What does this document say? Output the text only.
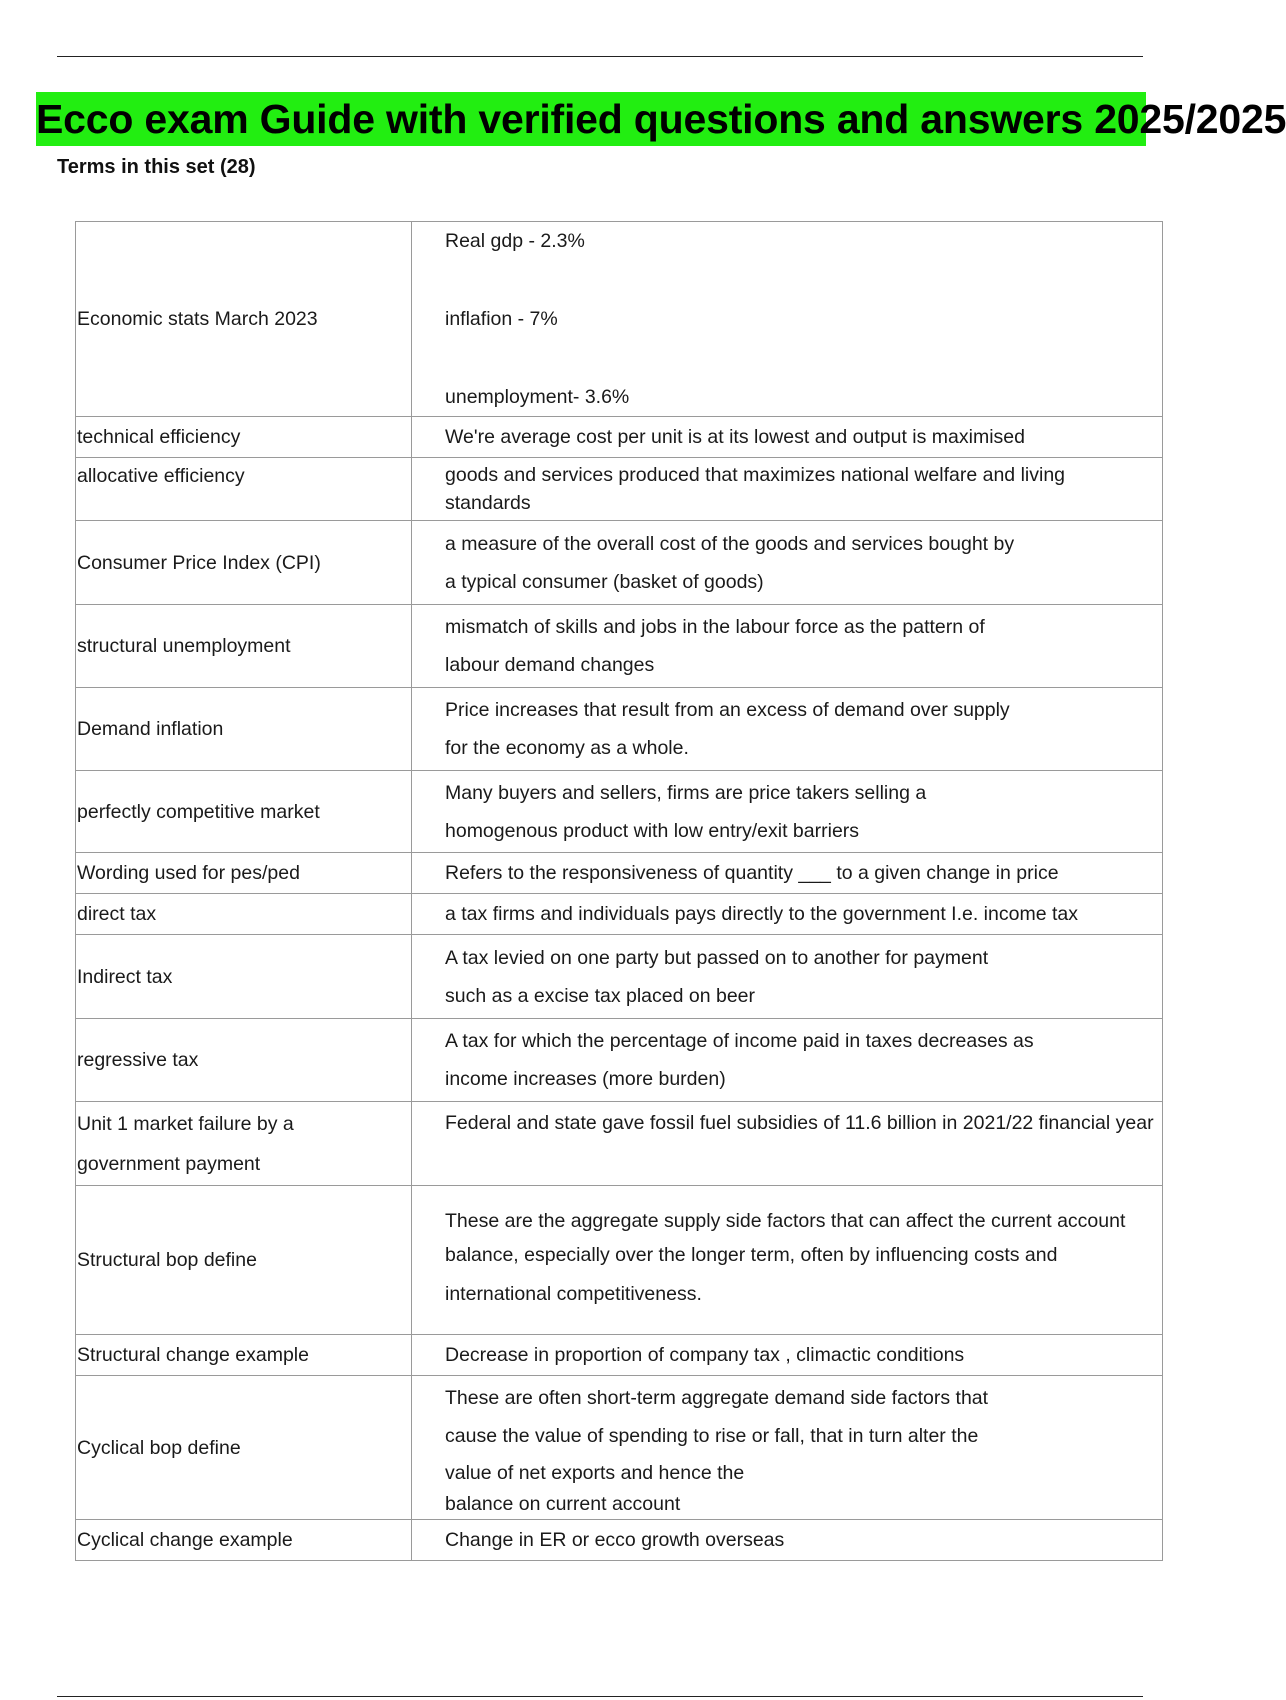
Ecco exam Guide with verified questions and answers 2025/2025

Terms in this set (28)

Economic stats March 2023	Real gdp - 2.3%
inflafion - 7%
unemployment- 3.6%

technical efficiency	We're average cost per unit is at its lowest and output is maximised

allocative efficiency	goods and services produced that maximizes national welfare and living standards

Consumer Price Index (CPI)	a measure of the overall cost of the goods and services bought by
a typical consumer (basket of goods)

structural unemployment	mismatch of skills and jobs in the labour force as the pattern of
labour demand changes

Demand inflation	Price increases that result from an excess of demand over supply
for the economy as a whole.

perfectly competitive market	Many buyers and sellers, firms are price takers selling a
homogenous product with low entry/exit barriers

Wording used for pes/ped	Refers to the responsiveness of quantity ___ to a given change in price

direct tax	a tax firms and individuals pays directly to the government I.e. income tax

Indirect tax	A tax levied on one party but passed on to another for payment
such as a excise tax placed on beer

regressive tax	A tax for which the percentage of income paid in taxes decreases as
income increases (more burden)

Unit 1 market failure by a
government payment	Federal and state gave fossil fuel subsidies of 11.6 billion in 2021/22 financial year

Structural bop define	These are the aggregate supply side factors that can affect the current account
balance, especially over the longer term, often by influencing costs and
international competitiveness.

Structural change example	Decrease in proportion of company tax , climactic conditions

Cyclical bop define	These are often short-term aggregate demand side factors that
cause the value of spending to rise or fall, that in turn alter the
value of net exports and hence the
balance on current account

Cyclical change example	Change in ER or ecco growth overseas
